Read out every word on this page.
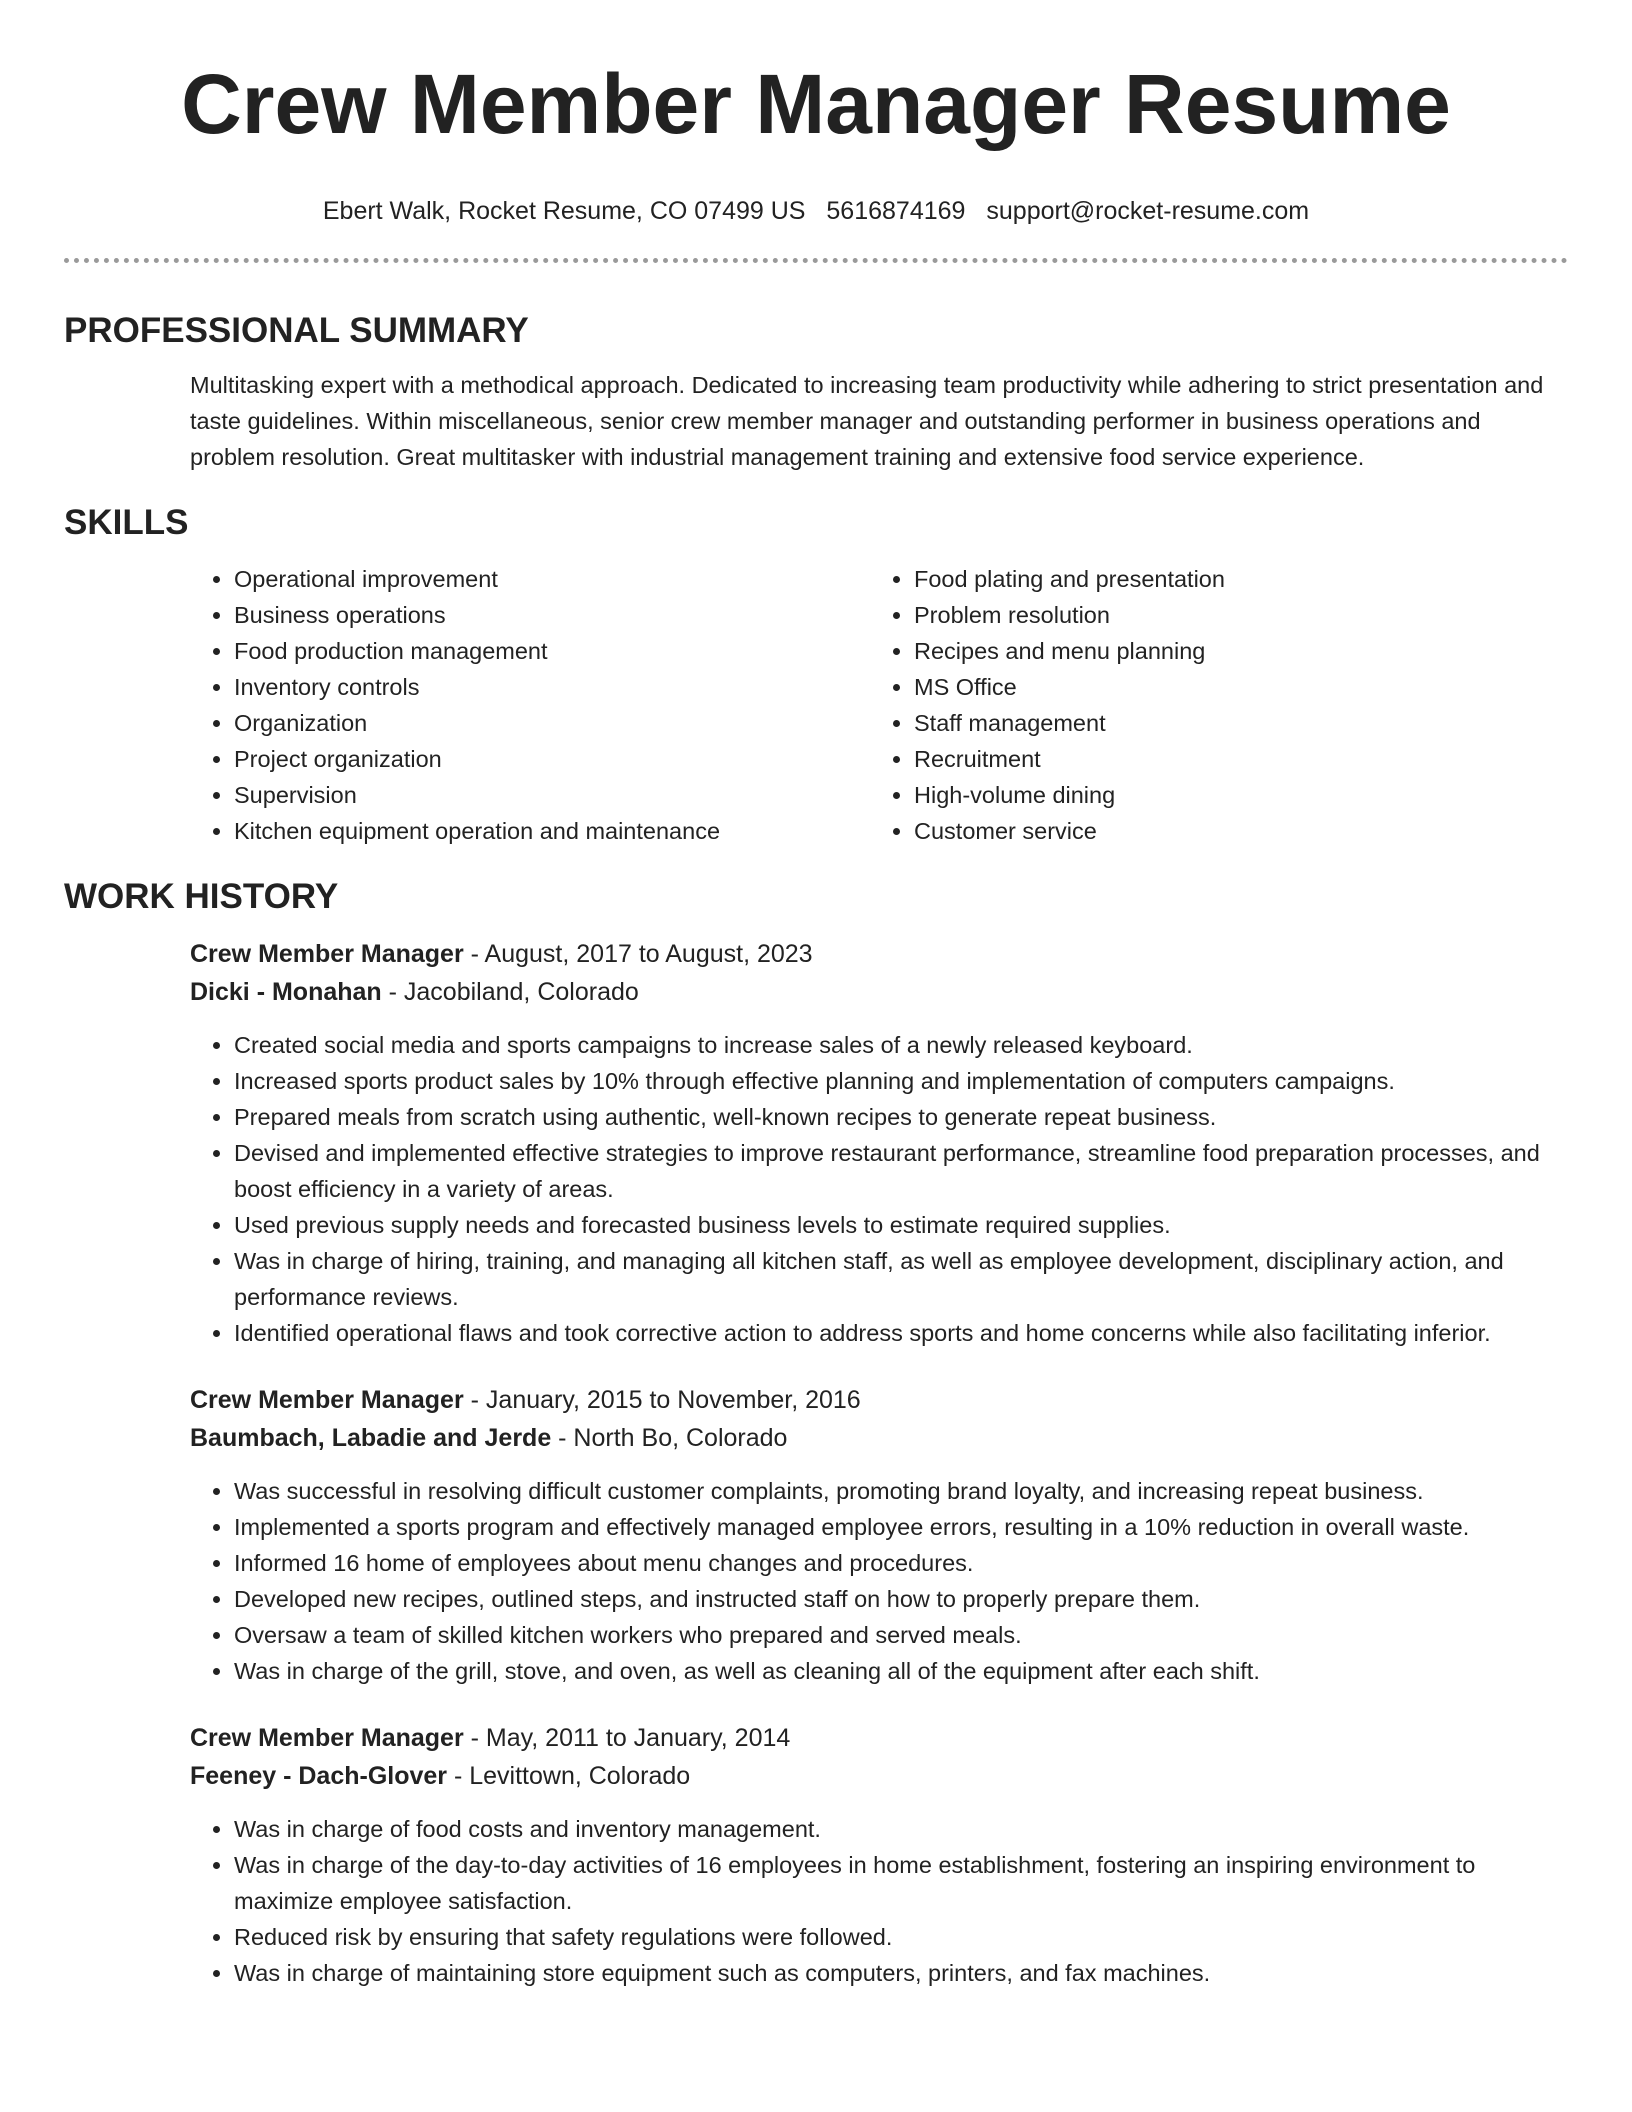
Crew Member Manager Resume
Ebert Walk, Rocket Resume, CO 07499 US 5616874169 support@rocket-resume.com
PROFESSIONAL SUMMARY

Multitasking expert with a methodical approach. Dedicated to increasing team productivity while adhering to strict presentation and taste guidelines. Within miscellaneous, senior crew member manager and outstanding performer in business operations and problem resolution. Great multitasker with industrial management training and extensive food service experience.

SKILLS
• Operational improvement
• Business operations
• Food production management
• Inventory controls
• Organization
• Project organization
• Supervision
• Kitchen equipment operation and maintenance
• Food plating and presentation
• Problem resolution
• Recipes and menu planning
• MS Office
• Staff management
• Recruitment
• High-volume dining
• Customer service
WORK HISTORY
Crew Member Manager - August, 2017 to August, 2023
Dicki - Monahan - Jacobiland, Colorado
• Created social media and sports campaigns to increase sales of a newly released keyboard.
• Increased sports product sales by 10% through effective planning and implementation of computers campaigns.
• Prepared meals from scratch using authentic, well-known recipes to generate repeat business.
• Devised and implemented effective strategies to improve restaurant performance, streamline food preparation processes, and boost efficiency in a variety of areas.
• Used previous supply needs and forecasted business levels to estimate required supplies.
• Was in charge of hiring, training, and managing all kitchen staff, as well as employee development, disciplinary action, and performance reviews.
• Identified operational flaws and took corrective action to address sports and home concerns while also facilitating inferior.
Crew Member Manager - January, 2015 to November, 2016
Baumbach, Labadie and Jerde - North Bo, Colorado
• Was successful in resolving difficult customer complaints, promoting brand loyalty, and increasing repeat business.
• Implemented a sports program and effectively managed employee errors, resulting in a 10% reduction in overall waste.
• Informed 16 home of employees about menu changes and procedures.
• Developed new recipes, outlined steps, and instructed staff on how to properly prepare them.
• Oversaw a team of skilled kitchen workers who prepared and served meals.
• Was in charge of the grill, stove, and oven, as well as cleaning all of the equipment after each shift.
Crew Member Manager - May, 2011 to January, 2014
Feeney - Dach-Glover - Levittown, Colorado
• Was in charge of food costs and inventory management.
• Was in charge of the day-to-day activities of 16 employees in home establishment, fostering an inspiring environment to maximize employee satisfaction.
• Reduced risk by ensuring that safety regulations were followed.
• Was in charge of maintaining store equipment such as computers, printers, and fax machines.
